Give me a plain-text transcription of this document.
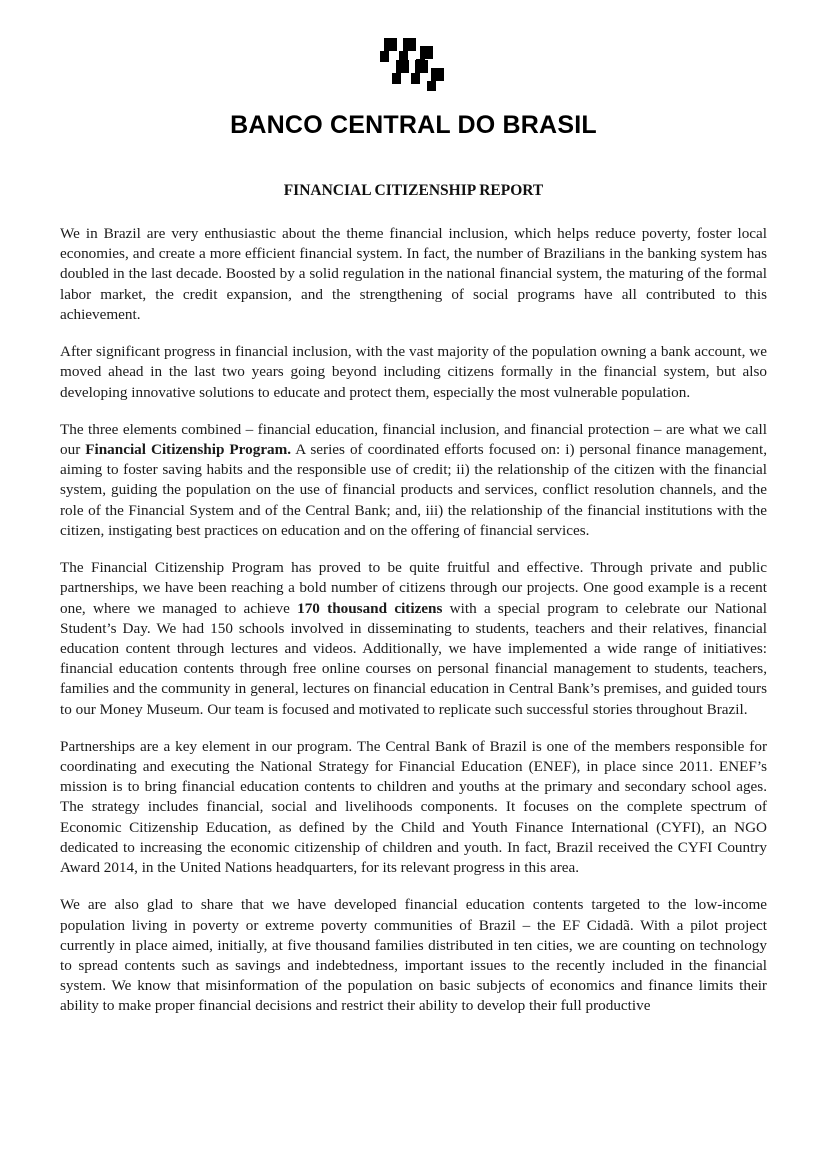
BANCO CENTRAL DO BRASIL
FINANCIAL CITIZENSHIP REPORT

We in Brazil are very enthusiastic about the theme financial inclusion, which helps reduce poverty, foster local economies, and create a more efficient financial system. In fact, the number of Brazilians in the banking system has doubled in the last decade. Boosted by a solid regulation in the national financial system, the maturing of the formal labor market, the credit expansion, and the strengthening of social programs have all contributed to this achievement.

After significant progress in financial inclusion, with the vast majority of the population owning a bank account, we moved ahead in the last two years going beyond including citizens formally in the financial system, but also developing innovative solutions to educate and protect them, especially the most vulnerable population.

The three elements combined – financial education, financial inclusion, and financial protection – are what we call our Financial Citizenship Program. A series of coordinated efforts focused on: i) personal finance management, aiming to foster saving habits and the responsible use of credit; ii) the relationship of the citizen with the financial system, guiding the population on the use of financial products and services, conflict resolution channels, and the role of the Financial System and of the Central Bank; and, iii) the relationship of the financial institutions with the citizen, instigating best practices on education and on the offering of financial services.

The Financial Citizenship Program has proved to be quite fruitful and effective. Through private and public partnerships, we have been reaching a bold number of citizens through our projects. One good example is a recent one, where we managed to achieve 170 thousand citizens with a special program to celebrate our National Student’s Day. We had 150 schools involved in disseminating to students, teachers and their relatives, financial education content through lectures and videos. Additionally, we have implemented a wide range of initiatives: financial education contents through free online courses on personal financial management to students, teachers, families and the community in general, lectures on financial education in Central Bank’s premises, and guided tours to our Money Museum. Our team is focused and motivated to replicate such successful stories throughout Brazil.

Partnerships are a key element in our program. The Central Bank of Brazil is one of the members responsible for coordinating and executing the National Strategy for Financial Education (ENEF), in place since 2011. ENEF’s mission is to bring financial education contents to children and youths at the primary and secondary school ages. The strategy includes financial, social and livelihoods components. It focuses on the complete spectrum of Economic Citizenship Education, as defined by the Child and Youth Finance International (CYFI), an NGO dedicated to increasing the economic citizenship of children and youth. In fact, Brazil received the CYFI Country Award 2014, in the United Nations headquarters, for its relevant progress in this area.

We are also glad to share that we have developed financial education contents targeted to the low-income population living in poverty or extreme poverty communities of Brazil – the EF Cidadã. With a pilot project currently in place aimed, initially, at five thousand families distributed in ten cities, we are counting on technology to spread contents such as savings and indebtedness, important issues to the recently included in the financial system. We know that misinformation of the population on basic subjects of economics and finance limits their ability to make proper financial decisions and restrict their ability to develop their full productive
